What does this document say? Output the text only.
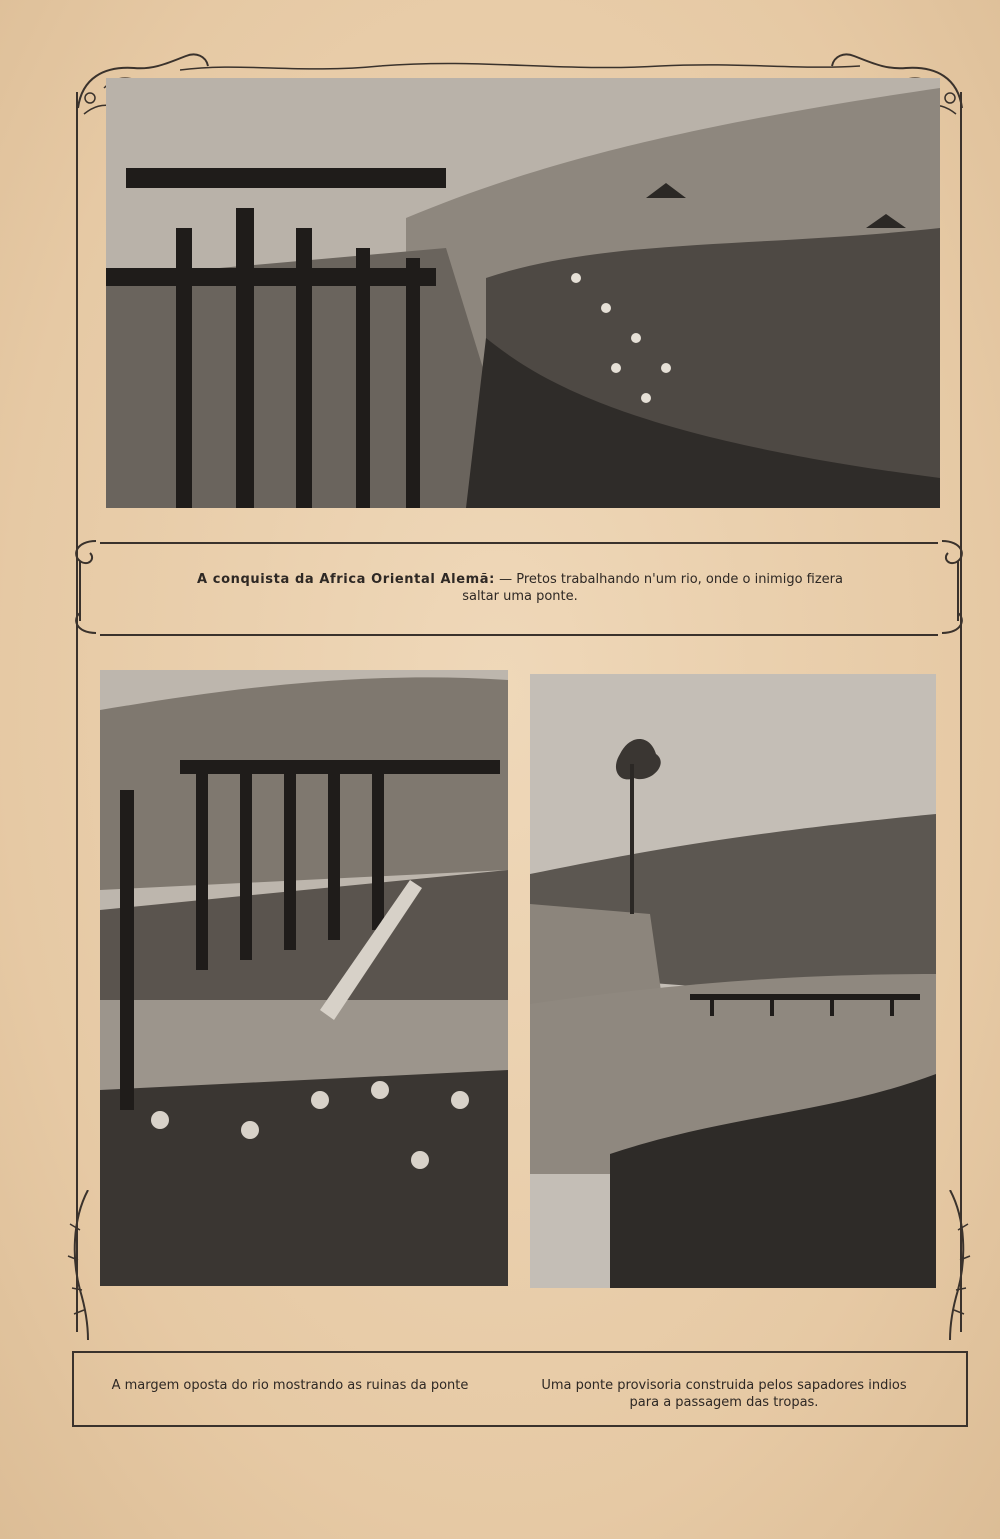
A conquista da Africa Oriental Alemã: — Pretos trabalhando n'um rio, onde o inimigo fizera
saltar uma ponte.
A margem oposta do rio mostrando as ruinas da ponte	Uma ponte provisoria construida pelos sapadores indios
para a passagem das tropas.
